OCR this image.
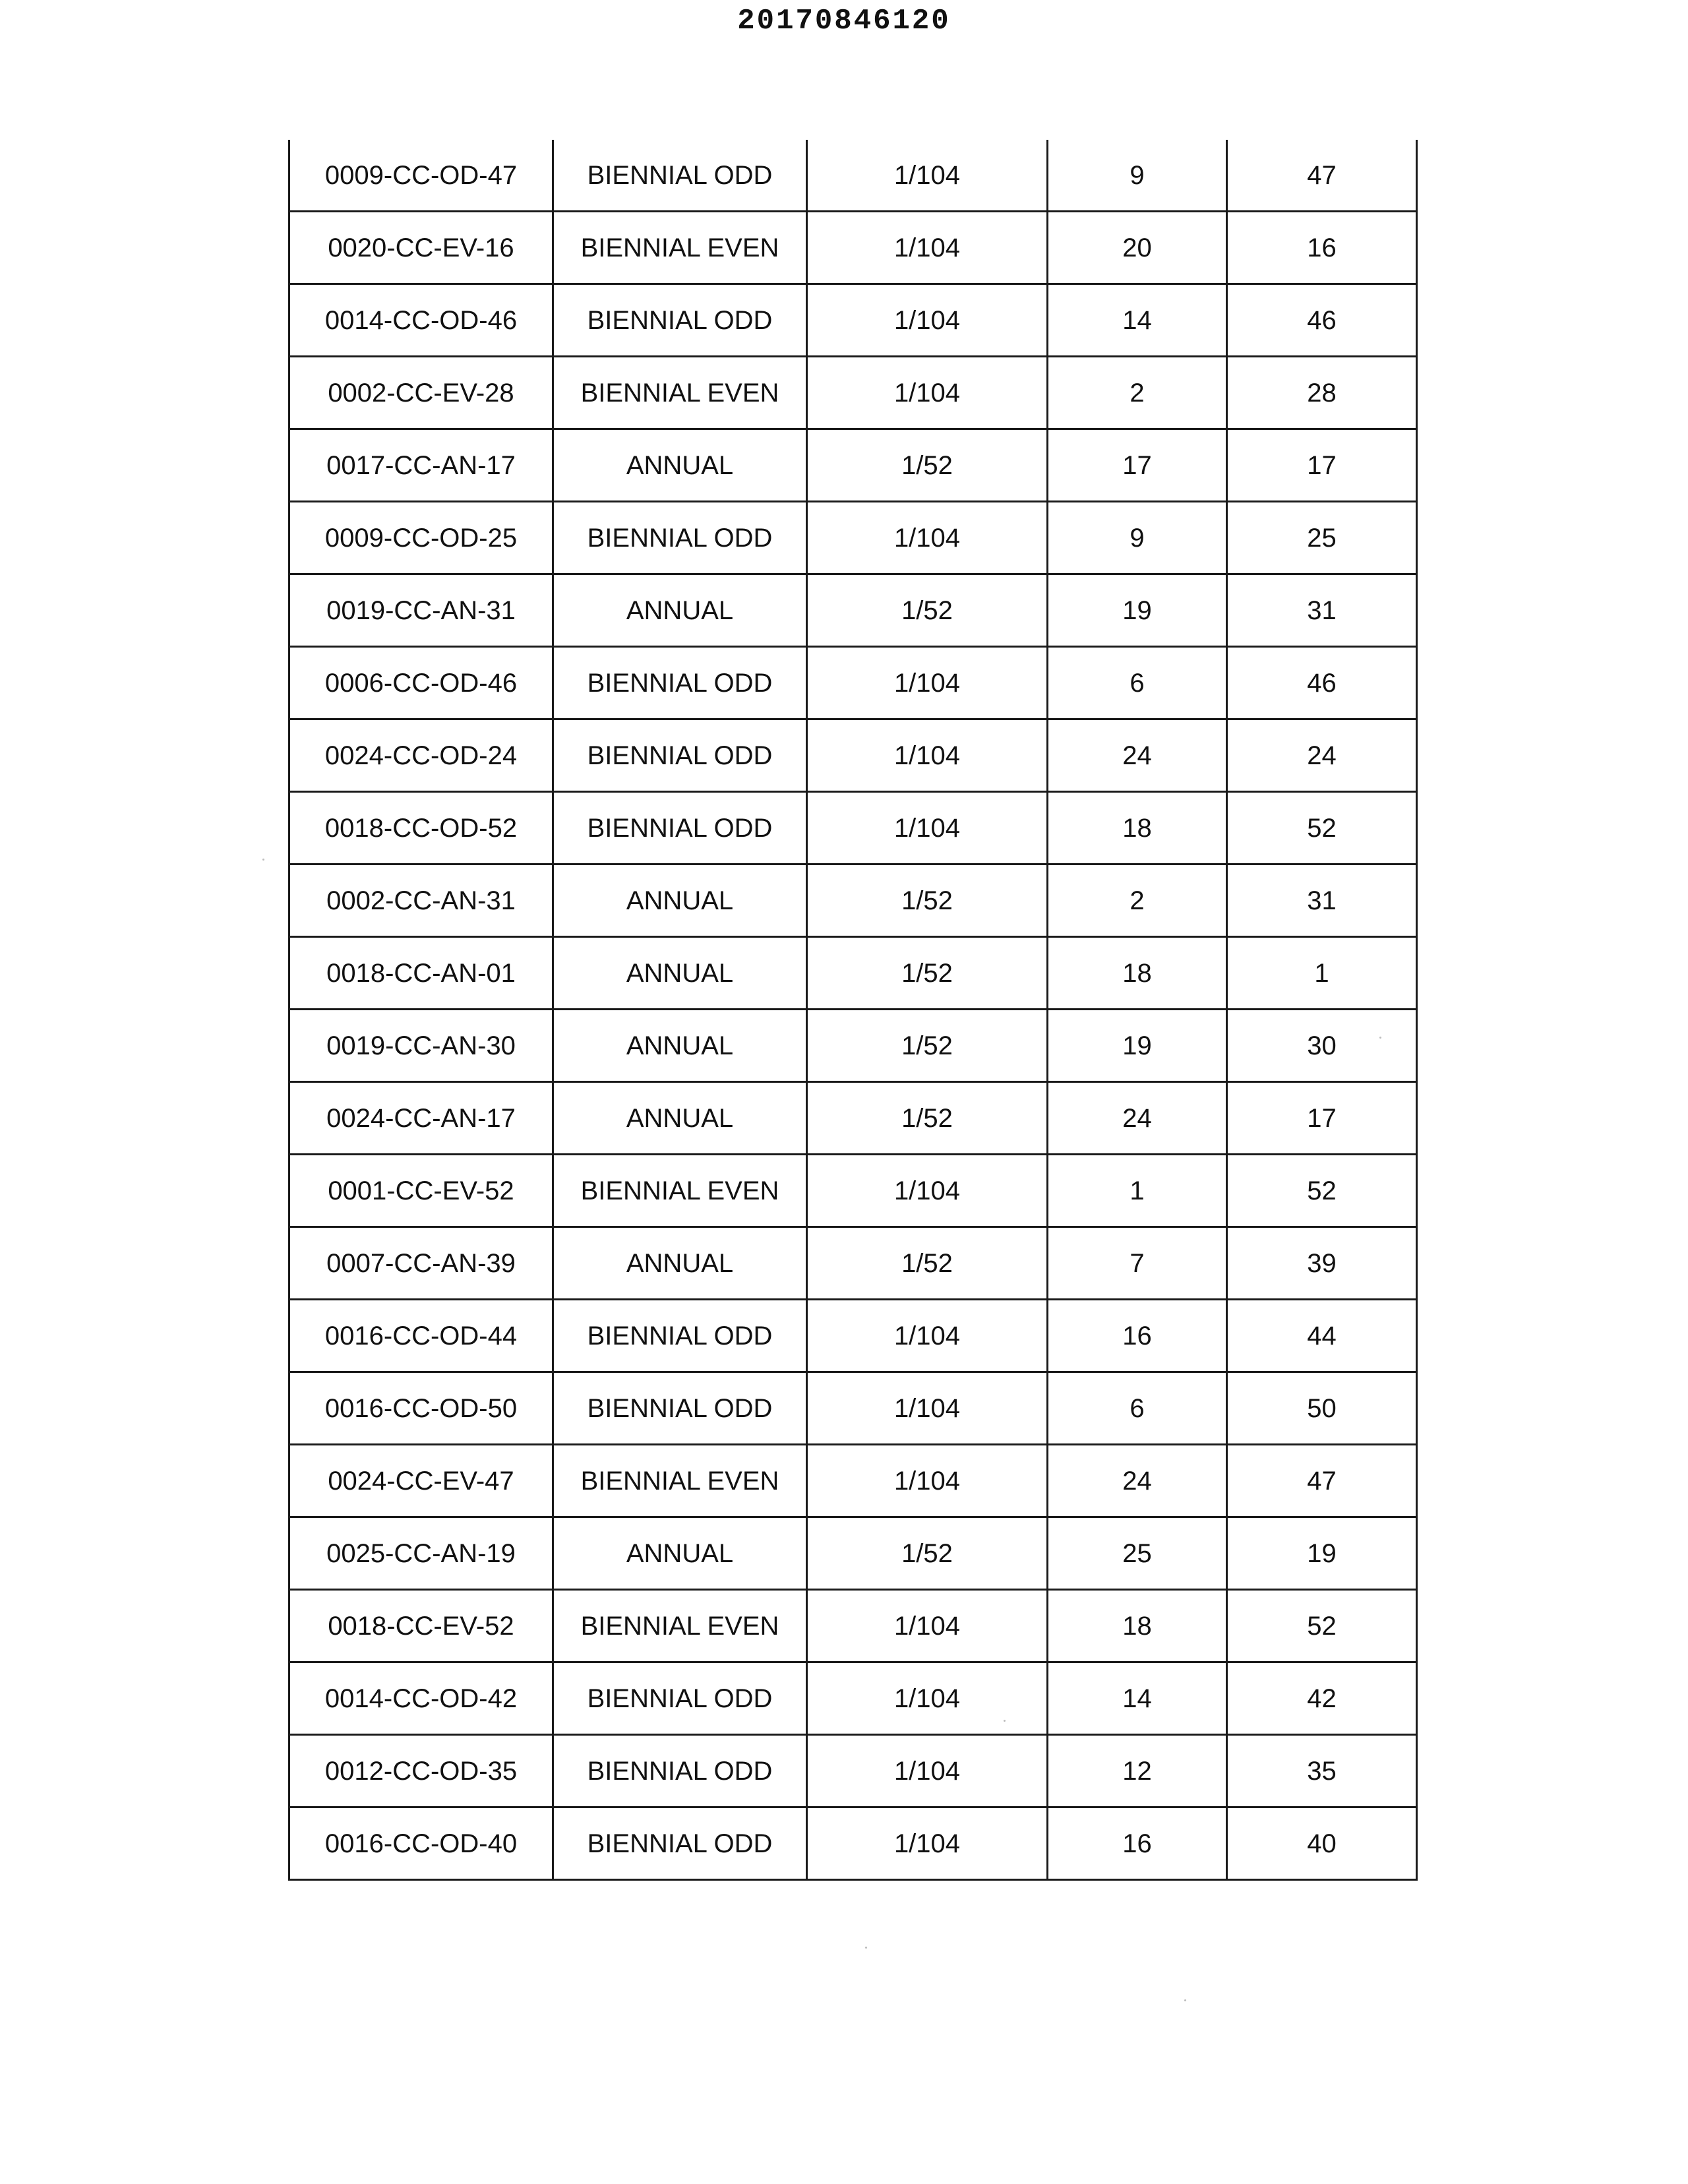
20170846120
0009-CC-OD-47	BIENNIAL ODD	1/104	9	47
0020-CC-EV-16	BIENNIAL EVEN	1/104	20	16
0014-CC-OD-46	BIENNIAL ODD	1/104	14	46
0002-CC-EV-28	BIENNIAL EVEN	1/104	2	28
0017-CC-AN-17	ANNUAL	1/52	17	17
0009-CC-OD-25	BIENNIAL ODD	1/104	9	25
0019-CC-AN-31	ANNUAL	1/52	19	31
0006-CC-OD-46	BIENNIAL ODD	1/104	6	46
0024-CC-OD-24	BIENNIAL ODD	1/104	24	24
0018-CC-OD-52	BIENNIAL ODD	1/104	18	52
0002-CC-AN-31	ANNUAL	1/52	2	31
0018-CC-AN-01	ANNUAL	1/52	18	1
0019-CC-AN-30	ANNUAL	1/52	19	30
0024-CC-AN-17	ANNUAL	1/52	24	17
0001-CC-EV-52	BIENNIAL EVEN	1/104	1	52
0007-CC-AN-39	ANNUAL	1/52	7	39
0016-CC-OD-44	BIENNIAL ODD	1/104	16	44
0016-CC-OD-50	BIENNIAL ODD	1/104	6	50
0024-CC-EV-47	BIENNIAL EVEN	1/104	24	47
0025-CC-AN-19	ANNUAL	1/52	25	19
0018-CC-EV-52	BIENNIAL EVEN	1/104	18	52
0014-CC-OD-42	BIENNIAL ODD	1/104	14	42
0012-CC-OD-35	BIENNIAL ODD	1/104	12	35
0016-CC-OD-40	BIENNIAL ODD	1/104	16	40
